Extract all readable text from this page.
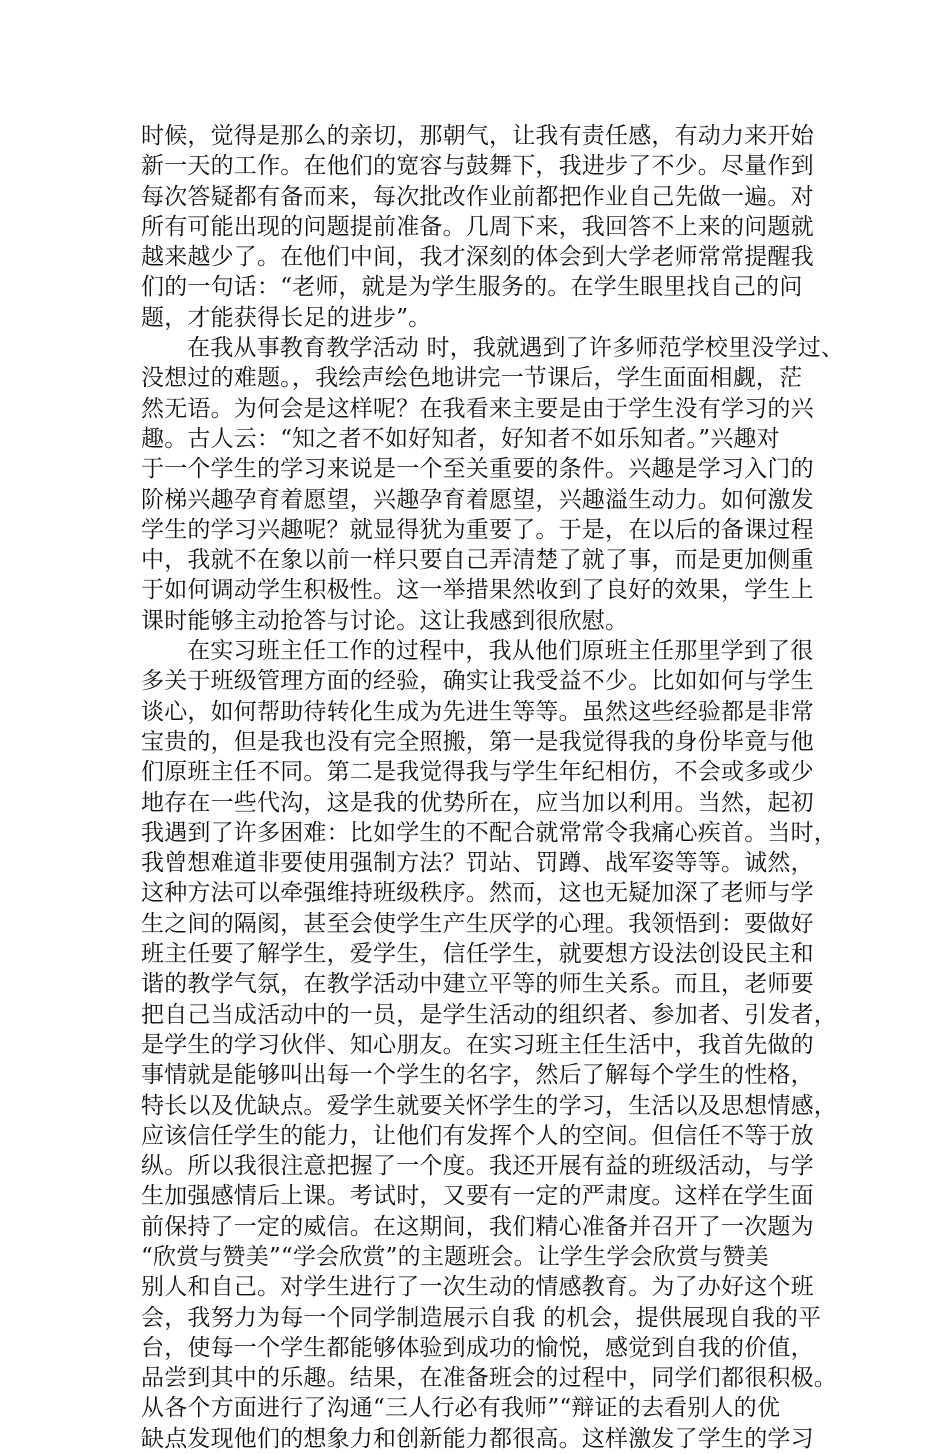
时候，觉得是那么的亲切，那朝气，让我有责任感，有动力来开始
新一天的工作。在他们的宽容与鼓舞下，我进步了不少。尽量作到
每次答疑都有备而来，每次批改作业前都把作业自己先做一遍。对
所有可能出现的问题提前准备。几周下来，我回答不上来的问题就
越来越少了。在他们中间，我才深刻的体会到大学老师常常提醒我
们的一句话：“老师，就是为学生服务的。在学生眼里找自己的问
题，才能获得长足的进步”。
在我从事教育教学活动 时，我就遇到了许多师范学校里没学过、
没想过的难题。，我绘声绘色地讲完一节课后，学生面面相觑，茫
然无语。为何会是这样呢？在我看来主要是由于学生没有学习的兴
趣。古人云：“知之者不如好知者，好知者不如乐知者。”兴趣对
于一个学生的学习来说是一个至关重要的条件。兴趣是学习入门的
阶梯兴趣孕育着愿望，兴趣孕育着愿望，兴趣溢生动力。如何激发
学生的学习兴趣呢？就显得犹为重要了。于是，在以后的备课过程
中，我就不在象以前一样只要自己弄清楚了就了事，而是更加侧重
于如何调动学生积极性。这一举措果然收到了良好的效果，学生上
课时能够主动抢答与讨论。这让我感到很欣慰。
在实习班主任工作的过程中，我从他们原班主任那里学到了很
多关于班级管理方面的经验，确实让我受益不少。比如如何与学生
谈心，如何帮助待转化生成为先进生等等。虽然这些经验都是非常
宝贵的，但是我也没有完全照搬，第一是我觉得我的身份毕竟与他
们原班主任不同。第二是我觉得我与学生年纪相仿，不会或多或少
地存在一些代沟，这是我的优势所在，应当加以利用。当然，起初
我遇到了许多困难：比如学生的不配合就常常令我痛心疾首。当时，
我曾想难道非要使用强制方法？罚站、罚蹲、战军姿等等。诚然，
这种方法可以牵强维持班级秩序。然而，这也无疑加深了老师与学
生之间的隔阂，甚至会使学生产生厌学的心理。我领悟到：要做好
班主任要了解学生，爱学生，信任学生，就要想方设法创设民主和
谐的教学气氛，在教学活动中建立平等的师生关系。而且，老师要
把自己当成活动中的一员，是学生活动的组织者、参加者、引发者，
是学生的学习伙伴、知心朋友。在实习班主任生活中，我首先做的
事情就是能够叫出每一个学生的名字，然后了解每个学生的性格，
特长以及优缺点。爱学生就要关怀学生的学习，生活以及思想情感，
应该信任学生的能力，让他们有发挥个人的空间。但信任不等于放
纵。所以我很注意把握了一个度。我还开展有益的班级活动，与学
生加强感情后上课。考试时，又要有一定的严肃度。这样在学生面
前保持了一定的威信。在这期间，我们精心准备并召开了一次题为
“欣赏与赞美”“学会欣赏”的主题班会。让学生学会欣赏与赞美
别人和自己。对学生进行了一次生动的情感教育。为了办好这个班
会，我努力为每一个同学制造展示自我 的机会，提供展现自我的平
台，使每一个学生都能够体验到成功的愉悦，感觉到自我的价值，
品尝到其中的乐趣。结果，在准备班会的过程中，同学们都很积极。
从各个方面进行了沟通“三人行必有我师”“辩证的去看别人的优
缺点发现他们的想象力和创新能力都很高。这样激发了学生的学习
